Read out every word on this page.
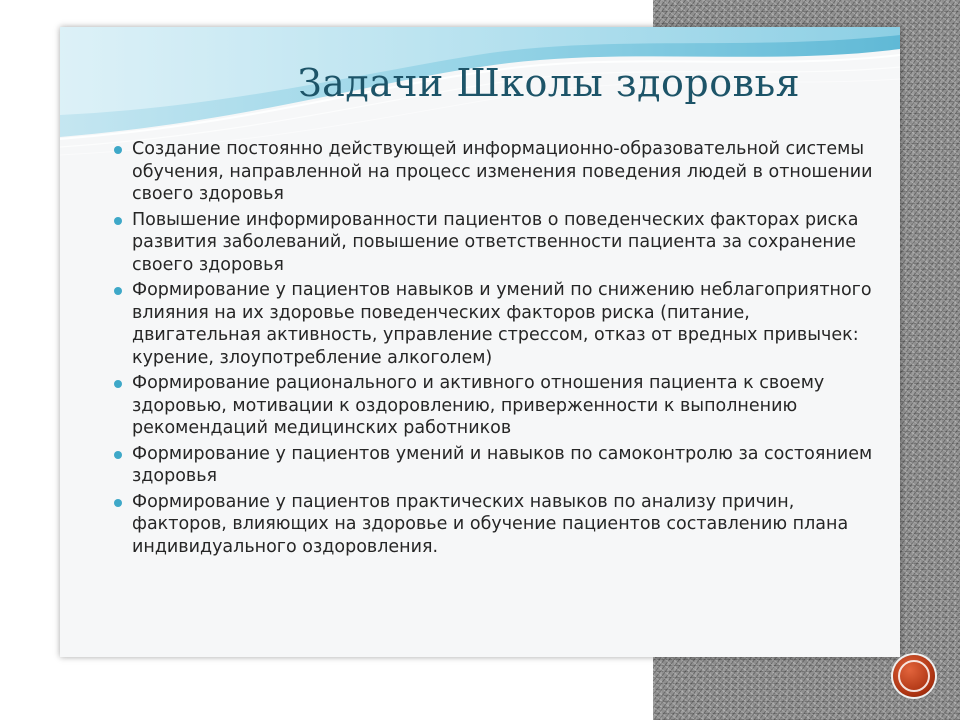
Задачи Школы здоровья
Создание постоянно действующей информационно-образовательной системы обучения, направленной на процесс изменения поведения людей в отношении своего здоровья
Повышение информированности пациентов о поведенческих факторах риска развития заболеваний, повышение ответственности пациента за сохранение своего здоровья
Формирование у пациентов навыков и умений по снижению неблагоприятного влияния на их здоровье поведенческих факторов риска (питание, двигательная активность, управление стрессом, отказ от вредных привычек: курение, злоупотребление алкоголем)
Формирование рационального и активного отношения пациента к своему здоровью, мотивации к оздоровлению, приверженности к выполнению рекомендаций медицинских работников
Формирование у пациентов умений и навыков по самоконтролю за состоянием здоровья
Формирование у пациентов практических навыков по анализу причин, факторов, влияющих на здоровье и обучение пациентов составлению плана индивидуального оздоровления.
